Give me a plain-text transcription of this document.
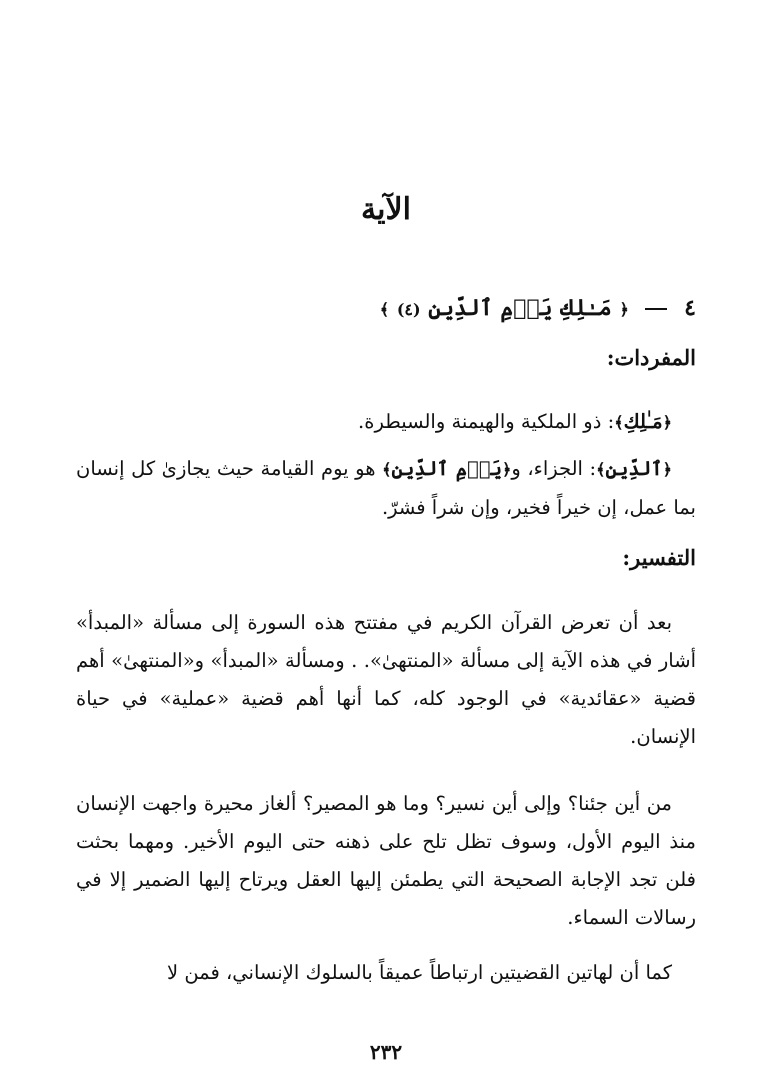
الآية
٤  ﴿ مَـٰلِكِ يَوۡمِ ٱلدِّينِ (٤) ﴾
المفردات:
﴿مَـٰلِكِ﴾: ذو الملكية والهيمنة والسيطرة.
﴿ٱلدِّينِ﴾: الجزاء، و﴿يَوۡمِ ٱلدِّينِ﴾ هو يوم القيامة حيث يجازىٰ كل إنسان بما عمل، إن خيراً فخير، وإن شراً فشرّ.
التفسير:

بعد أن تعرض القرآن الكريم في مفتتح هذه السورة إلى مسألة «المبدأ» أشار في هذه الآية إلى مسألة «المنتهىٰ». . ومسألة «المبدأ» و«المنتهىٰ» أهم قضية «عقائدية» في الوجود كله، كما أنها أهم قضية «عملية» في حياة الإنسان.

من أين جئنا؟ وإلى أين نسير؟ وما هو المصير؟ ألغاز محيرة واجهت الإنسان منذ اليوم الأول، وسوف تظل تلح على ذهنه حتى اليوم الأخير. ومهما بحثت فلن تجد الإجابة الصحيحة التي يطمئن إليها العقل ويرتاح إليها الضمير إلا في رسالات السماء.

كما أن لهاتين القضيتين ارتباطاً عميقاً بالسلوك الإنساني، فمن لا

٢٣٢
